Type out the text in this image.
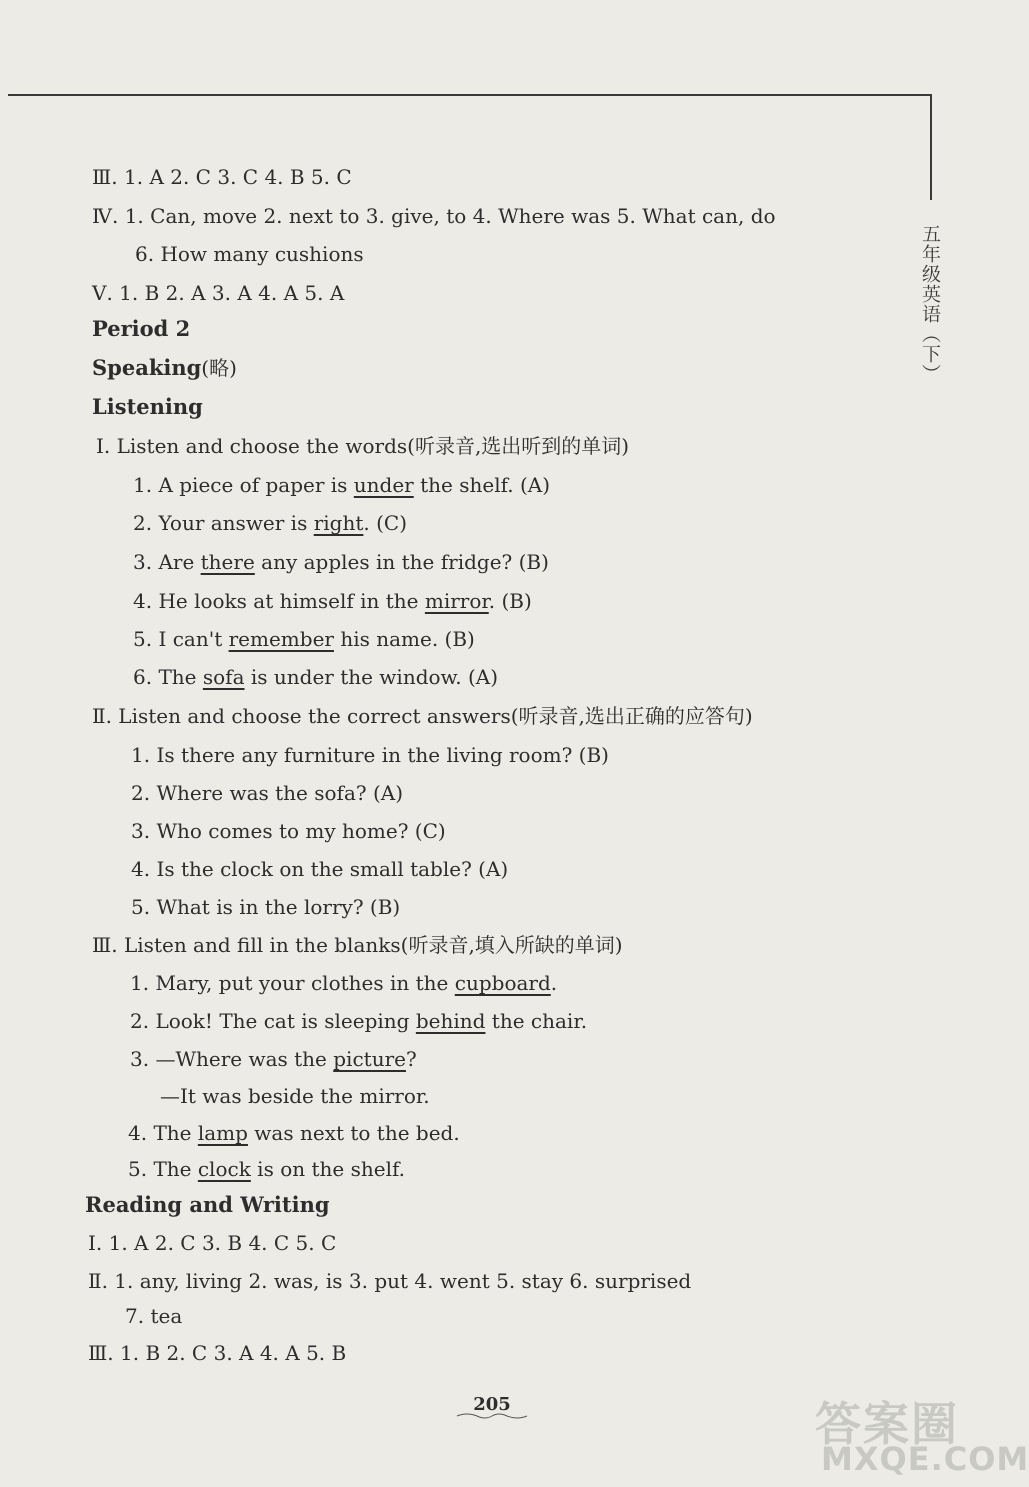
五年级英语（下）
Ⅲ. 1. A 2. C 3. C 4. B 5. C
Ⅳ. 1. Can, move 2. next to 3. give, to 4. Where was 5. What can, do
6. How many cushions
Ⅴ. 1. B 2. A 3. A 4. A 5. A
Period 2
Speaking(略)
Listening
Ⅰ. Listen and choose the words(听录音,选出听到的单词)
1. A piece of paper is under the shelf. (A)
2. Your answer is right. (C)
3. Are there any apples in the fridge? (B)
4. He looks at himself in the mirror. (B)
5. I can't remember his name. (B)
6. The sofa is under the window. (A)
Ⅱ. Listen and choose the correct answers(听录音,选出正确的应答句)
1. Is there any furniture in the living room? (B)
2. Where was the sofa? (A)
3. Who comes to my home? (C)
4. Is the clock on the small table? (A)
5. What is in the lorry? (B)
Ⅲ. Listen and fill in the blanks(听录音,填入所缺的单词)
1. Mary, put your clothes in the cupboard.
2. Look! The cat is sleeping behind the chair.
3. —Where was the picture?
—It was beside the mirror.
4. The lamp was next to the bed.
5. The clock is on the shelf.
Reading and Writing
Ⅰ. 1. A 2. C 3. B 4. C 5. C
Ⅱ. 1. any, living 2. was, is 3. put 4. went 5. stay 6. surprised
7. tea
Ⅲ. 1. B 2. C 3. A 4. A 5. B
205	答案圈
MXQE.COM
